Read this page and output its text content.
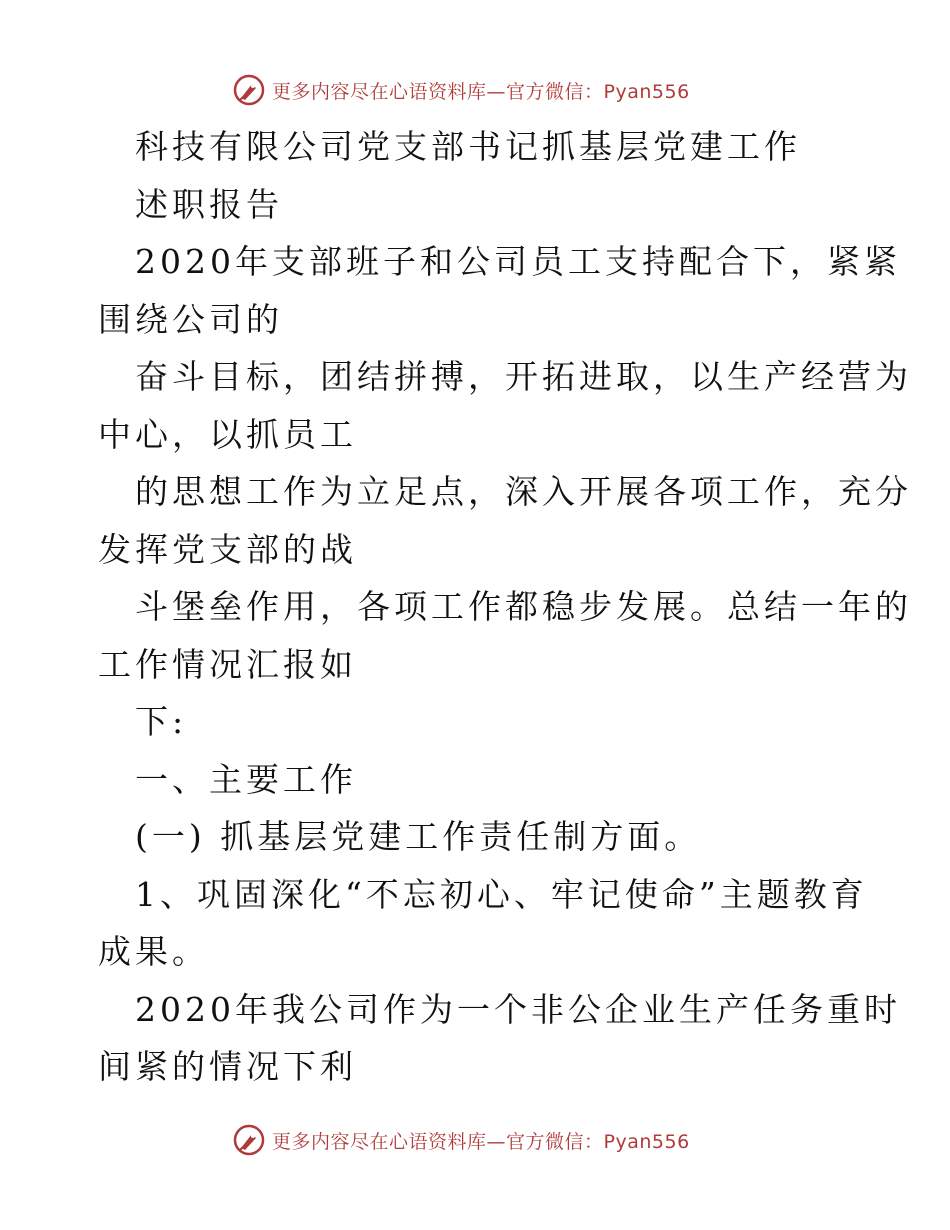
更多内容尽在心语资料库—官方微信：Pyan556
科技有限公司党支部书记抓基层党建工作
述职报告
2020年支部班子和公司员工支持配合下，紧紧
围绕公司的
奋斗目标，团结拼搏，开拓进取，以生产经营为
中心，以抓员工
的思想工作为立足点，深入开展各项工作，充分
发挥党支部的战
斗堡垒作用，各项工作都稳步发展。总结一年的
工作情况汇报如
下:
一、主要工作
(一) 抓基层党建工作责任制方面。
1、巩固深化“不忘初心、牢记使命”主题教育
成果。
2020年我公司作为一个非公企业生产任务重时
间紧的情况下利
更多内容尽在心语资料库—官方微信：Pyan556
